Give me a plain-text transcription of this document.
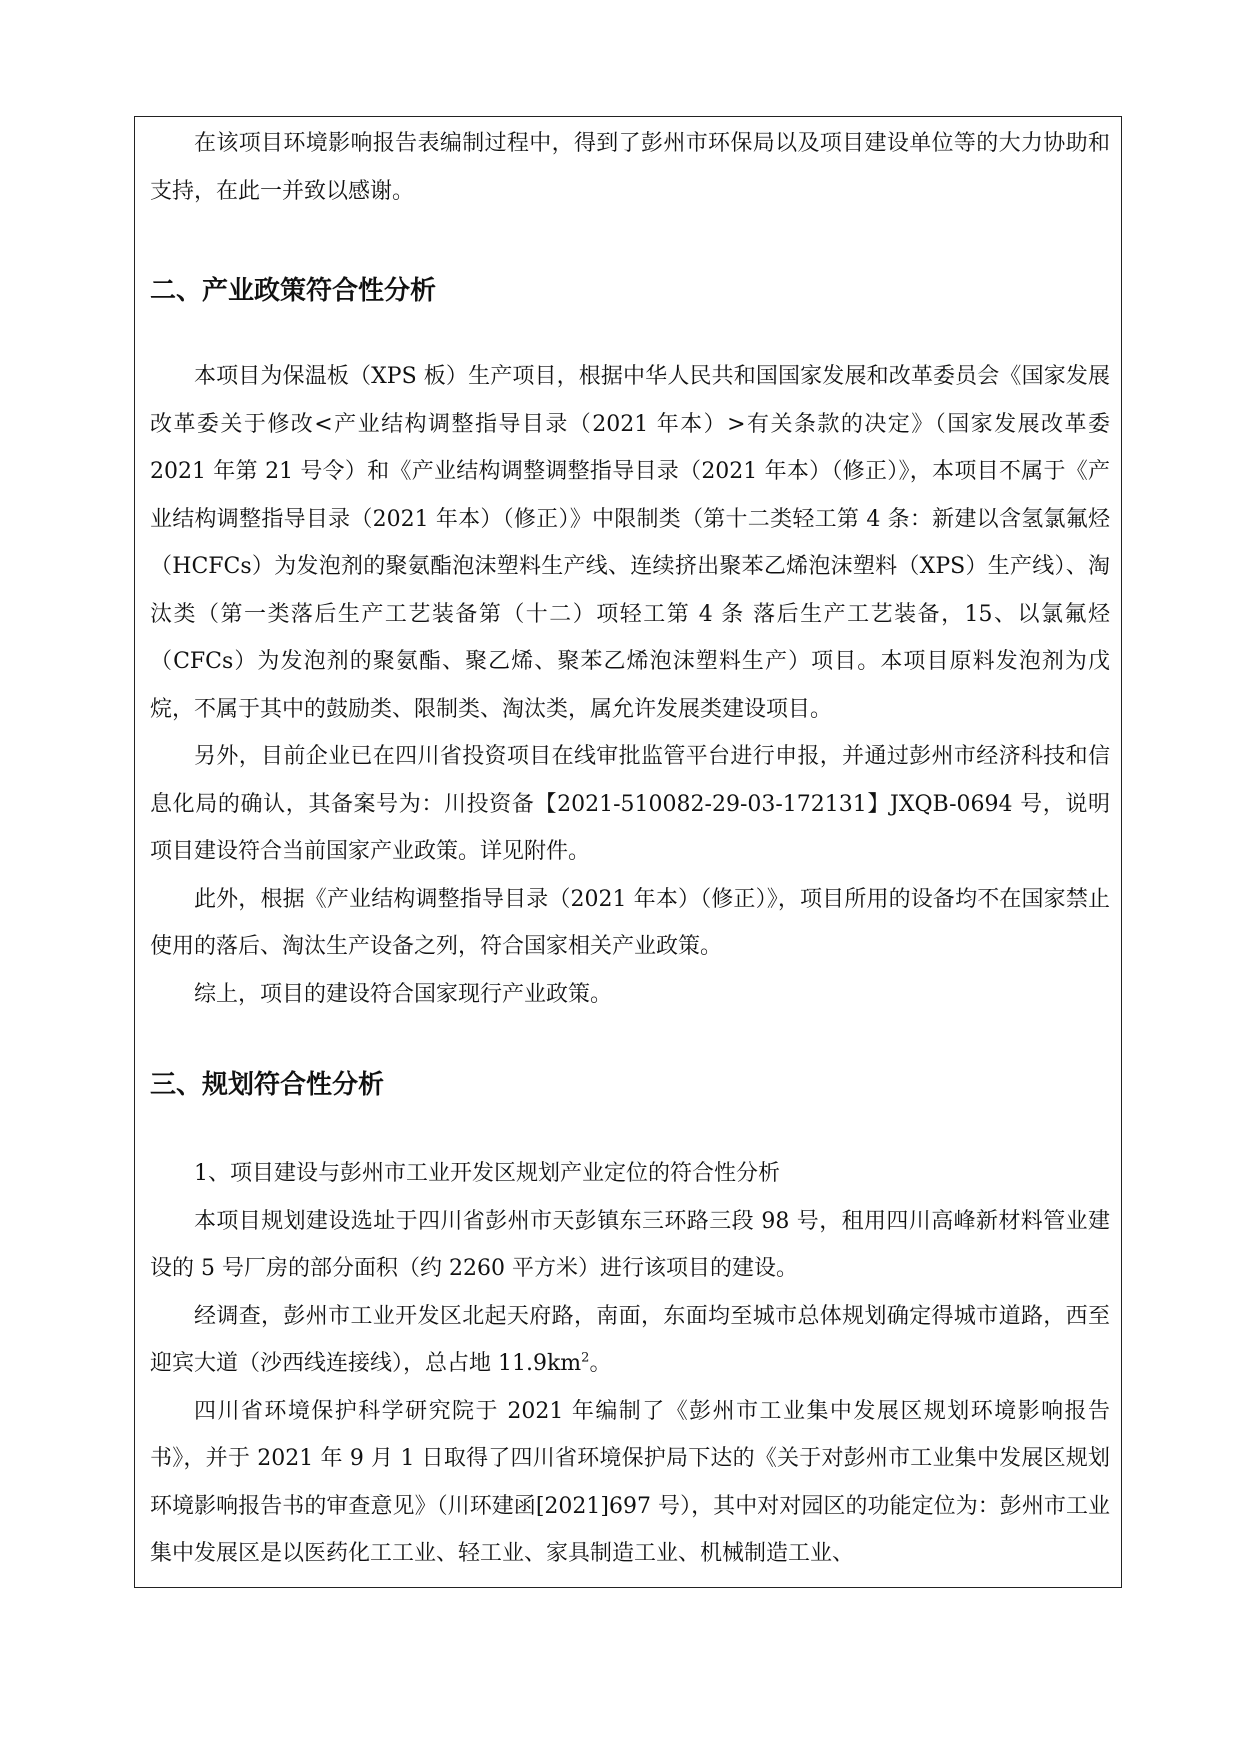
在该项目环境影响报告表编制过程中，得到了彭州市环保局以及项目建设单位等的大力协助和支持，在此一并致以感谢。

二、产业政策符合性分析

本项目为保温板（XPS 板）生产项目，根据中华人民共和国国家发展和改革委员会《国家发展改革委关于修改<产业结构调整指导目录（2021 年本）>有关条款的决定》（国家发展改革委 2021 年第 21 号令）和《产业结构调整调整指导目录（2021 年本）（修正）》，本项目不属于《产业结构调整指导目录（2021 年本）（修正）》中限制类（第十二类轻工第 4 条：新建以含氢氯氟烃（HCFCs）为发泡剂的聚氨酯泡沫塑料生产线、连续挤出聚苯乙烯泡沫塑料（XPS）生产线）、淘汰类（第一类落后生产工艺装备第（十二）项轻工第 4 条 落后生产工艺装备，15、以氯氟烃（CFCs）为发泡剂的聚氨酯、聚乙烯、聚苯乙烯泡沫塑料生产）项目。本项目原料发泡剂为戊烷，不属于其中的鼓励类、限制类、淘汰类，属允许发展类建设项目。

另外，目前企业已在四川省投资项目在线审批监管平台进行申报，并通过彭州市经济科技和信息化局的确认，其备案号为：川投资备【2021-510082-29-03-172131】JXQB-0694 号，说明项目建设符合当前国家产业政策。详见附件。

此外，根据《产业结构调整指导目录（2021 年本）（修正）》，项目所用的设备均不在国家禁止使用的落后、淘汰生产设备之列，符合国家相关产业政策。

综上，项目的建设符合国家现行产业政策。

三、规划符合性分析

1、项目建设与彭州市工业开发区规划产业定位的符合性分析

本项目规划建设选址于四川省彭州市天彭镇东三环路三段 98 号，租用四川高峰新材料管业建设的 5 号厂房的部分面积（约 2260 平方米）进行该项目的建设。

经调查，彭州市工业开发区北起天府路，南面，东面均至城市总体规划确定得城市道路，西至迎宾大道（沙西线连接线），总占地 $11.9km^2$。

四川省环境保护科学研究院于 2021 年编制了《彭州市工业集中发展区规划环境影响报告书》，并于 2021 年 9 月 1 日取得了四川省环境保护局下达的《关于对彭州市工业集中发展区规划环境影响报告书的审查意见》（川环建函[2021]697 号），其中对对园区的功能定位为：彭州市工业集中发展区是以医药化工工业、轻工业、家具制造工业、机械制造工业、
